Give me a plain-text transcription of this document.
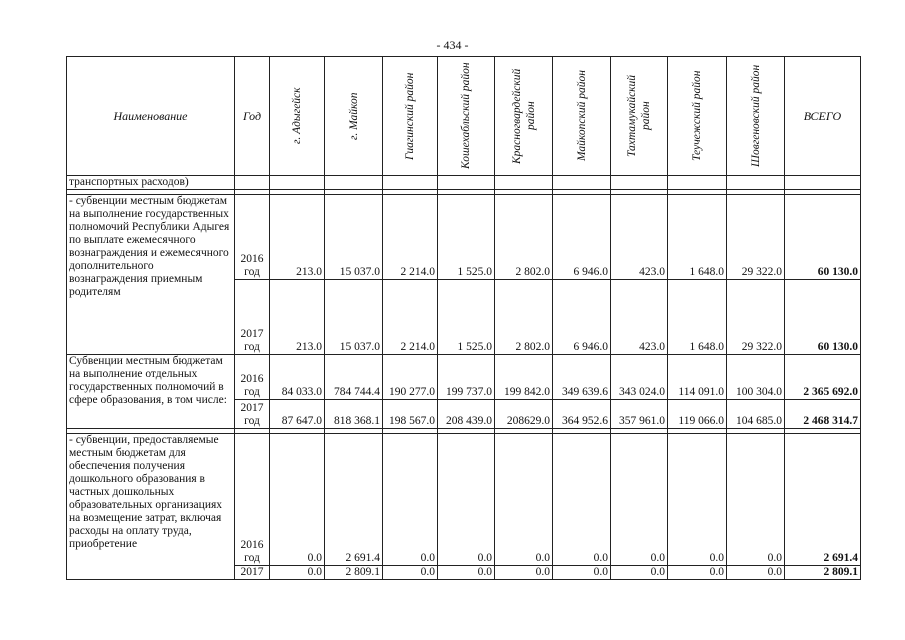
- 434 -
Наименование	Год	г. Адыгейск	г. Майкоп	Гиагинский район	Кошехабльский район	Красногвардейский район	Майкопский район	Тахтамукайский район	Теучежский район	Шовгеновский район	ВСЕГО
транспортных расходов)											

- субвенции местным бюджетам на выполнение государственных полномочий Республики Адыгея по выплате ежемесячного вознаграждения и ежемесячного дополнительного вознаграждения приемным родителям	2016 год	213.0	15 037.0	2 214.0	1 525.0	2 802.0	6 946.0	423.0	1 648.0	29 322.0	60 130.0
	2017 год	213.0	15 037.0	2 214.0	1 525.0	2 802.0	6 946.0	423.0	1 648.0	29 322.0	60 130.0
Субвенции местным бюджетам на выполнение отдельных государственных полномочий в сфере образования, в том числе:	2016 год	84 033.0	784 744.4	190 277.0	199 737.0	199 842.0	349 639.6	343 024.0	114 091.0	100 304.0	2 365 692.0
	2017 год	87 647.0	818 368.1	198 567.0	208 439.0	208629.0	364 952.6	357 961.0	119 066.0	104 685.0	2 468 314.7

- субвенции, предоставляемые местным бюджетам для обеспечения получения дошкольного образования в частных дошкольных образовательных организациях на возмещение затрат, включая расходы на оплату труда, приобретение	2016 год	0.0	2 691.4	0.0	0.0	0.0	0.0	0.0	0.0	0.0	2 691.4
	2017	0.0	2 809.1	0.0	0.0	0.0	0.0	0.0	0.0	0.0	2 809.1
